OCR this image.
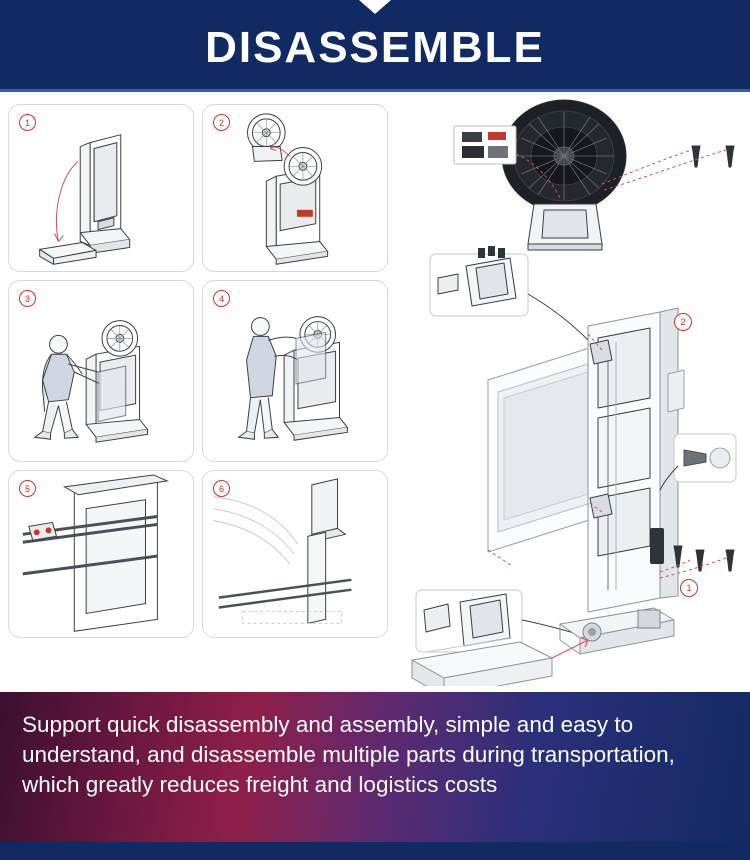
DISASSEMBLE
1	2
3	4
5	6
2
1
Support quick disassembly and assembly, simple and easy to understand, and disassemble multiple parts during transportation, which greatly reduces freight and logistics costs
